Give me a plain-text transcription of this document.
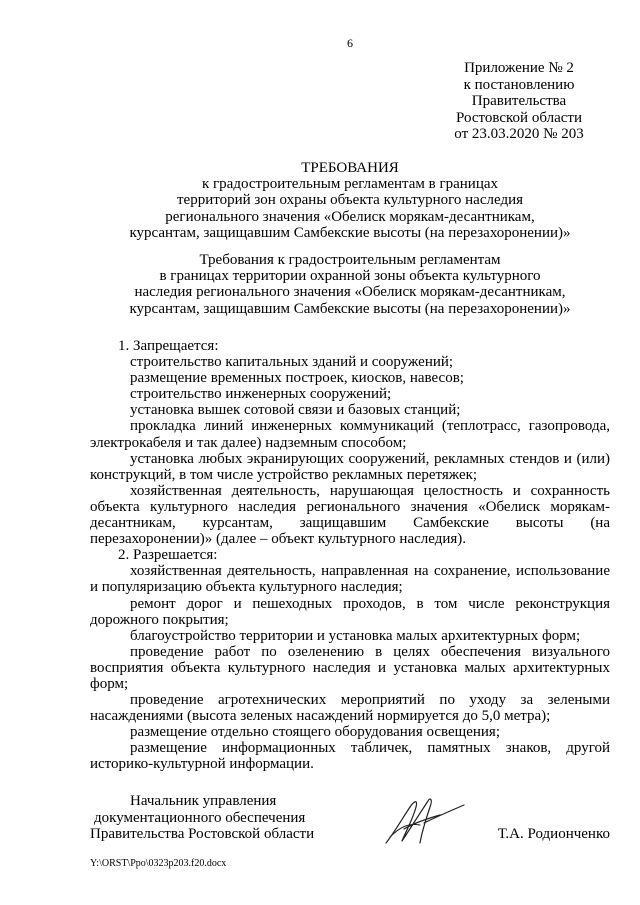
6
Приложение № 2
к постановлению
Правительства
Ростовской области
от 23.03.2020 № 203
ТРЕБОВАНИЯ
к градостроительным регламентам в границах
территорий зон охраны объекта культурного наследия
регионального значения «Обелиск морякам-десантникам,
курсантам, защищавшим Самбекские высоты (на перезахоронении)»
Требования к градостроительным регламентам
в границах территории охранной зоны объекта культурного
наследия регионального значения «Обелиск морякам-десантникам,
курсантам, защищавшим Самбекские высоты (на перезахоронении)»

1. Запрещается:

строительство капитальных зданий и сооружений;

размещение временных построек, киосков, навесов;

строительство инженерных сооружений;

установка вышек сотовой связи и базовых станций;

прокладка линий инженерных коммуникаций (теплотрасс, газопровода, электрокабеля и так далее) надземным способом;

установка любых экранирующих сооружений, рекламных стендов и (или) конструкций, в том числе устройство рекламных перетяжек;

хозяйственная деятельность, нарушающая целостность и сохранность объекта культурного наследия регионального значения «Обелиск морякам-десантникам, курсантам, защищавшим Самбекские высоты (на перезахоронении)» (далее – объект культурного наследия).

2. Разрешается:

хозяйственная деятельность, направленная на сохранение, использование и популяризацию объекта культурного наследия;

ремонт дорог и пешеходных проходов, в том числе реконструкция дорожного покрытия;

благоустройство территории и установка малых архитектурных форм;

проведение работ по озеленению в целях обеспечения визуального восприятия объекта культурного наследия и установка малых архитектурных форм;

проведение агротехнических мероприятий по уходу за зелеными насаждениями (высота зеленых насаждений нормируется до 5,0 метра);

размещение отдельно стоящего оборудования освещения;

размещение информационных табличек, памятных знаков, другой историко-культурной информации.

Начальник управления
документационного обеспечения
Правительства Ростовской области	Т.А. Родионченко
Y:\ORST\Ppo\0323p203.f20.docx
